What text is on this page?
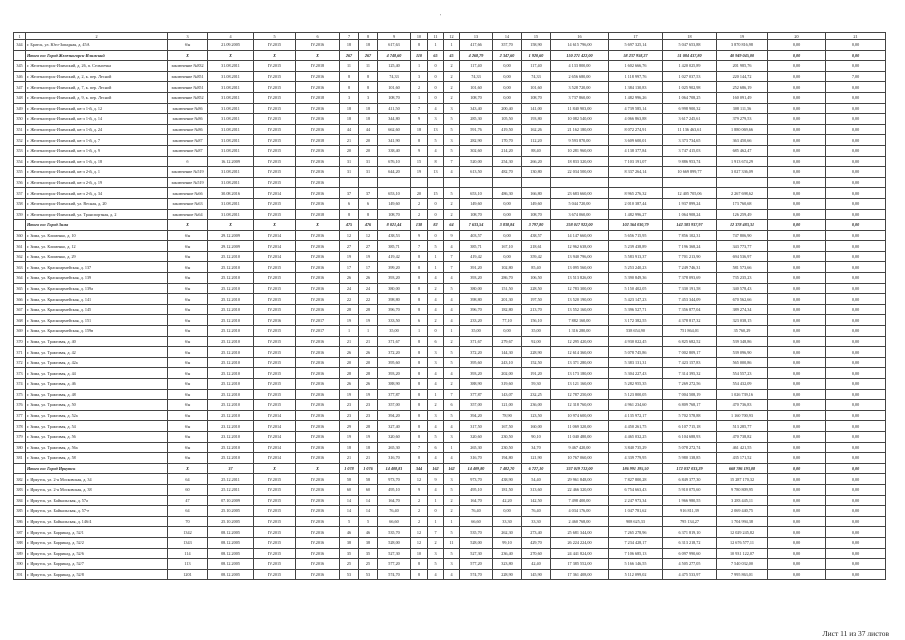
'
1	2	3	4	5	6	7	8	9	10	11	12	13	14	15	16	17	18	19	20	21
344	г. Братск, ул. Юго-Западная, д. 45А	б/н	21.09.2005	IV.2015	IV.2016	18	18	617,63	8	1	1	417,66	357,70	158,90	14 615 796,00	5 697 325,14	5 047 653,88	3 870 816,98	0,00	0,00
	Итого по: Город Железногорск-Илимский	Х	Х	Х	Х	267	267	4 748,60	110	65	45	4 268,79	2 347,60	1 920,60	150 271 422,00	58 237 958,27	51 084 437,80	40 949 045,00	0,00	0,00
345	г. Железногорск-Илимский, д. 26, п. Селъпечка	заключение №832	31.08.2011	IV.2015	IV.2018	11	11	125,40	1	0	2	117,40	0,00	117,40	4 133 800,00	1 602 666,76	1 420 025,89	201 985,76	0,00	0,00
346	г. Железногорск-Илимский, д. 2, к. пер. Лесной	заключение №851	31.08.2011	IV.2015	IV.2016	8	8	74,33	3	0	2	74,33	0,00	74,33	2 656 680,00	1 118 997,76	1 027 037,53	220 144,72	0,00	7,00
347	г. Железногорск-Илимский, д. 7, к. пер. Лесной	заключение №851	31.08.2011	IV.2015	IV.2016	8	8	101,60	2	0	2	101,60	0,00	101,60	3 528 720,00	1 384 130,83	1 025 902,98	252 686,19	0,00	0,00
348	г. Железногорск-Илимский, д. 9, к. пер. Лесной	заключение №852	31.08.2011	IV.2015	IV.2018	3	3	108,70	1	0	2	108,70	0,00	108,70	3 737 860,00	1 482 996,26	1 064 708,25	160 091,49	0,00	0,00
349	г. Железногорск-Илимский, кв-л 1-й, д. 12	заключение №86	31.08.2011	IV.2015	IV.2016	18	18	411,50	7	4	3	343,40	200,40	141,00	11 840 903,00	4 739 585,14	6 998 900,32	308 111,56	0,00	0,00
350	г. Железногорск-Илимский, кв-л 1-й, д. 14	заключение №86	31.08.2011	IV.2015	IV.2016	18	18	344,80	9	3	5	285,30	105,50	193,80	10 082 540,00	4 066 863,88	3 617 245,61	379 279,53	0,00	0,00
351	г. Железногорск-Илимский, кв-л 1-й, д. 24	заключение №86	31.08.2011	IV.2015	IV.2016	44	44	662,60	18	13	5	591,76	419,50	162,26	21 162 180,00	8 072 274,91	11 136 463,61	1 880 069,66	0,00	0,00
352	г. Железногорск-Илимский, кв-л 1-й, д. 7	заключение №87	31.08.2011	IV.2015	IV.2018	21	20	341,90	8	5	3	282,90	170,70	112,20	9 593 870,00	3 609 600,01	3 373 734,65	363 450,66	0,00	0,00
353	г. Железногорск-Илимский, кв-л 1-й, д. 9	заключение №87	31.08.2011	IV.2015	IV.2016	20	20	338,40	9	4	5	302,60	214,20	88,40	10 281 960,00	4 138 377,84	3 747 415,03	685 462,47	0,00	0,00
354	г. Железногорск-Илимский, кв-л 1-й, д. 18	б	16.12.2009	IV.2015	IV.2016	31	31	676,10	15	8	7	520,00	254,30	266,20	18 833 320,00	7 103 191,07	9 886 953,74	1 913 674,29	0,00	0,00
355	г. Железногорск-Илимский, кв-л 2-й, д. 1	заключение №519	31.08.2011	IV.2015	IV.2016	31	31	644,20	19	13	4	613,50	482,70	130,80	22 034 500,00	8 337 264,14	10 669 899,77	3 027 336,09	0,00	0,00
356	г. Железногорск-Илимский, кв-л 2-й, д. 19	заключение №519	31.08.2011	IV.2015	IV.2016														0,00	0,00
357	г. Железногорск-Илимский, кв-л 2-й, д. 34	заключение №66	30.08.2016	IV.2014	IV.2016	37	37	653,10	20	15	5	653,10	486,30	166,80	23 683 660,00	8 965 276,32	12 405 705,06	2 267 698,62	0,00	0,00
358	г. Железногорск-Илимский, ул. Весная, д. 20	заключение №63	31.08.2011	IV.2015	IV.2016	6	6	149,60	2	0	2	149,60	0,00	149,60	5 044 720,00	2 010 387,44	1 937 899,24	173 760,68	0,00	0,00
359	г. Железногорск-Илимский, ул. Транспортная, д. 2	заключение №64	31.08.2011	IV.2015	IV.2018	8	8	108,70	2	0	2	108,70	0,00	108,70	3 674 060,00	1 482 996,27	1 064 908,24	126 259,49	0,00	0,00
	Итого по: Город Зима	Х	Х	Х	Х	475	476	8 021,44	138	82	64	7 633,54	3 838,84	3 797,80	258 017 922,00	102 364 030,79	142 383 937,97	12 378 483,31	0,00	0,00
360	г. Зима, ул. Клименко, д. 10	б/н	29.12.2009	IV.2014	IV.2016	12	12	438,53	9	0	9	403,57	0,00	438,57	14 147 660,00	5 656 715,95	7 856 102,31	747 806,90	0,00	0,00
361	г. Зима, ул. Клименко, д. 12	б/н	29.12.2009	IV.2014	IV.2016	27	27	385,71	7	5	4	385,71	167,10	218,61	12 962 638,00	5 239 438,89	7 196 368,24	343 773,77	0,00	0,00
362	г. Зима, ул. Клименко, д. 29	б/н	25.12.2010	IV.2014	IV.2016	19	19	419,42	8	1	7	419,42	0,00	359,42	13 940 796,00	5 583 913,37	7 701 213,90	694 536,97	0,00	0,00
363	г. Зима, ул. Красноармейская, д. 137	б/н	25.12.2010	IV.2015	IV.2016	17	17	399,20	8	1	7	391,20	102,80	85,40	13 095 560,00	5 253 240,23	7 249 746,31	581 573,66	0,00	0,00
364	г. Зима, ул. Красноармейская, д. 139	б/н	25.12.2010	IV.2015	IV.2016	26	26	393,20	8	4	4	393,20	286,70	106,50	13 513 826,00	5 390 849,36	7 378 093,69	735 235,23	0,00	0,00
365	г. Зима, ул. Красноармейская, д. 139а	б/н	25.12.2010	IV.2015	IV.2016	24	24	380,00	8	2	5	380,00	151,50	228,50	12 783 300,00	5 150 402,05	7 330 191,58	340 578,43	0,00	0,00
366	г. Зима, ул. Красноармейская, д. 141	б/н	25.12.2010	IV.2015	IV.2016	22	22	398,80	8	4	4	398,80	201,30	197,50	13 520 190,00	5 423 147,23	7 453 344,09	670 562,66	0,00	0,00
367	г. Зима, ул. Красноармейская, д. 145	б/н	25.12.2010	IV.2015	IV.2016	28	28	396,70	8	4	4	396,70	182,80	213,70	13 552 160,00	5 396 527,71	7 356 877,04	389 274,34	0,00	0,00
368	г. Зима, ул. Красноармейская, д. 151	б/н	25.12.2010	IV.2016	IV.2017	19	19	333,50	6	2	4	233,20	77,10	156,10	7 882 160,00	3 172 382,55	4 378 817,32	323 038,15	0,00	0,00
369	г. Зима, ул. Красноармейская, д. 159в	б/н	25.12.2010	IV.2015	IV.2017	1	1	35,00	1	0	1	35,00	0,00	35,00	1 316 280,00	538 654,90	751 864,01	35 760,29	0,00	0,00
370	г. Зима, ул. Трактовая, д. 40	б/н	25.12.2010	IV.2015	IV.2016	21	21	371,67	8	6	2	371,67	279,67	92,00	12 295 420,00	4 930 022,45	6 825 682,52	539 348,86	0,00	0,00
371	г. Зима, ул. Трактовая, д. 42	б/н	25.12.2010	IV.2015	IV.2016	26	26	372,20	8	3	5	372,20	144,30	228,90	12 614 360,00	5 078 745,86	7 002 809,17	539 096,90	0,00	0,00
372	г. Зима, ул. Трактовая, д. 42а	б/н	25.12.2010	IV.2015	IV.2016	20	20	395,60	8	3	5	395,60	243,10	152,50	13 371 280,00	5 383 131,31	7 423 157,83	565 000,86	0,00	0,00
373	г. Зима, ул. Трактовая, д. 44	б/н	25.12.2010	IV.2015	IV.2016	28	28	393,20	8	4	4	393,20	202,00	191,20	13 173 180,00	5 304 227,43	7 314 395,32	554 557,23	0,00	0,00
374	г. Зима, ул. Трактовая, д. 46	б/н	25.12.2010	IV.2015	IV.2016	26	26	388,90	8	4	2	388,90	319,60	59,30	13 121 160,00	5 282 955,35	7 269 272,56	554 432,09	0,00	0,00
375	г. Зима, ул. Трактовая, д. 48	б/н	25.12.2010	IV.2015	IV.2016	19	19	377,87	8	1	7	377,87	143,07	232,25	12 787 250,00	5 123 800,05	7 004 508,19	1 026 739,16	0,00	0,00
376	г. Зима, ул. Трактовая, д. 50	б/н	25.12.2010	IV.2015	IV.2016	23	23	357,00	8	2	6	357,00	121,00	236,00	12 318 760,00	4 961 234,60	6 809 768,17	470 736,83	0,00	0,00
377	г. Зима, ул. Трактовая, д. 52а	б/н	25.12.2010	IV.2014	IV.2016	23	23	394,20	8	3	5	394,20	78,90	123,50	10 974 600,00	4 135 972,17	5 702 578,88	1 160 700,93	0,00	0,00
378	г. Зима, ул. Трактовая, д. 54	б/н	23.12.2010	IV.2014	IV.2016	29	28	327,40	8	4	4	317,50	167,50	160,00	11 069 320,00	4 450 261,75	6 107 715,18	513 285,77	0,00	0,00
379	г. Зима, ул. Трактовая, д. 56	б/н	23.12.2010	IV.2014	IV.2016	19	19	320,60	8	5	3	320,60	230,50	90,10	11 040 480,00	4 465 032,25	6 104 688,93	470 738,82	0,00	0,00
380	г. Зима, ул. Трактовая, д. 56а	б/н	25.12.2010	IV.2014	IV.2016	18	18	265,30	7	6	1	265,30	230,50	34,70	9 467 420,00	3 840 735,29	5 078 272,74	461 421,55	0,00	0,00
381	г. Зима, ул. Трактовая, д. 58	б/н	25.12.2010	IV.2014	IV.2016	21	21	316,70	8	4	4	316,70	194,80	121,90	10 767 060,00	4 339 779,95	5 980 138,85	435 171,52	0,00	0,00
	Итого по: Город Иркутск	Х	37	Х	Х	1 078	1 076	14 408,81	344	162	162	14 409,80	7 482,70	6 727,10	337 019 712,00	186 991 195,50	172 037 033,29	668 786 193,08	0,00	0,00
382	г. Иркутск, ул. 2-я Московская, д. 34	64	25.12.2011	IV.2015	IV.2016	58	58	973,70	12	9	3	973,70	438,90	54,40	29 961 848,00	7 827 800,28	6 849 377,30	15 287 170,32	0,00	0,00
383	г. Иркутск, ул. 2-я Московская, д. 38	60	25.12.2011	IV.2015	IV.2016	60	60	495,10	9	4	5	495,10	181,50	313,60	22 466 320,00	6 754 663,43	5 910 075,60	9 780 809,95	0,00	0,00
384	г. Иркутск, ул. Байкальская, д. 57а	47	07.10.2009	IV.2015	IV.2016	14	14	164,70	2	1	2	164,70	42,20	142,50	7 498 400,00	2 247 973,34	1 966 980,55	3 283 445,11	0,00	0,00
385	г. Иркутск, ул. Байкальская, д. 57-е	64	25.10.2005	IV.2015	IV.2016	14	14	76,40	2	0	2	76,40	0,00	76,40	4 034 176,00	1 047 781,62	916 811,39	2 069 440,75	0,00	0,00
386	г. Иркутск, ул. Байкальская, д. 146/4	70	25.10.2005	IV.2015	IV.2016	5	5	66,60	2	1	1	66,60	33,30	33,30	2 460 768,00	908 625,33	795 134,27	1 704 994,38	0,00	0,00
387	г. Иркутск, ул. Баррикад, д. 52/1	1342	08.12.2005	IV.2015	IV.2016	46	46	535,70	12	7	5	535,70	262,30	273,40	25 681 344,00	7 265 278,96	6 371 819,10	12 029 245,82	0,00	0,00
388	г. Иркутск, ул. Баррикад, д. 52/2	1343	08.12.2005	IV.2015	IV.2016	38	38	528,00	12	2	11	528,00	99,10	429,70	26 224 224,00	7 234 428,17	6 313 218,72	12 676 577,11	0,00	0,00
389	г. Иркутск, ул. Баррикад, д. 52/6	114	08.12.2005	IV.2015	IV.2016	35	35	527,30	10	3	5	527,30	236,40	270,60	24 441 824,00	7 106 685,13	6 097 990,60	10 931 122,07	0,00	0,00
390	г. Иркутск, ул. Баррикад, д. 52/7	113	08.12.2005	IV.2015	IV.2016	25	25	577,20	8	5	3	577,20	323,80	42,40	17 385 552,00	5 166 146,55	4 505 277,05	7 540 032,00	0,00	0,00
391	г. Иркутск, ул. Баррикад, д. 52/8	1201	08.12.2005	IV.2015	IV.2016	53	53	574,70	8	4	4	574,70	228,90	145,90	17 361 408,00	5 112 099,02	4 475 533,97	7 995 863,01	0,00	0,00
Лист 11 из 37 листов
